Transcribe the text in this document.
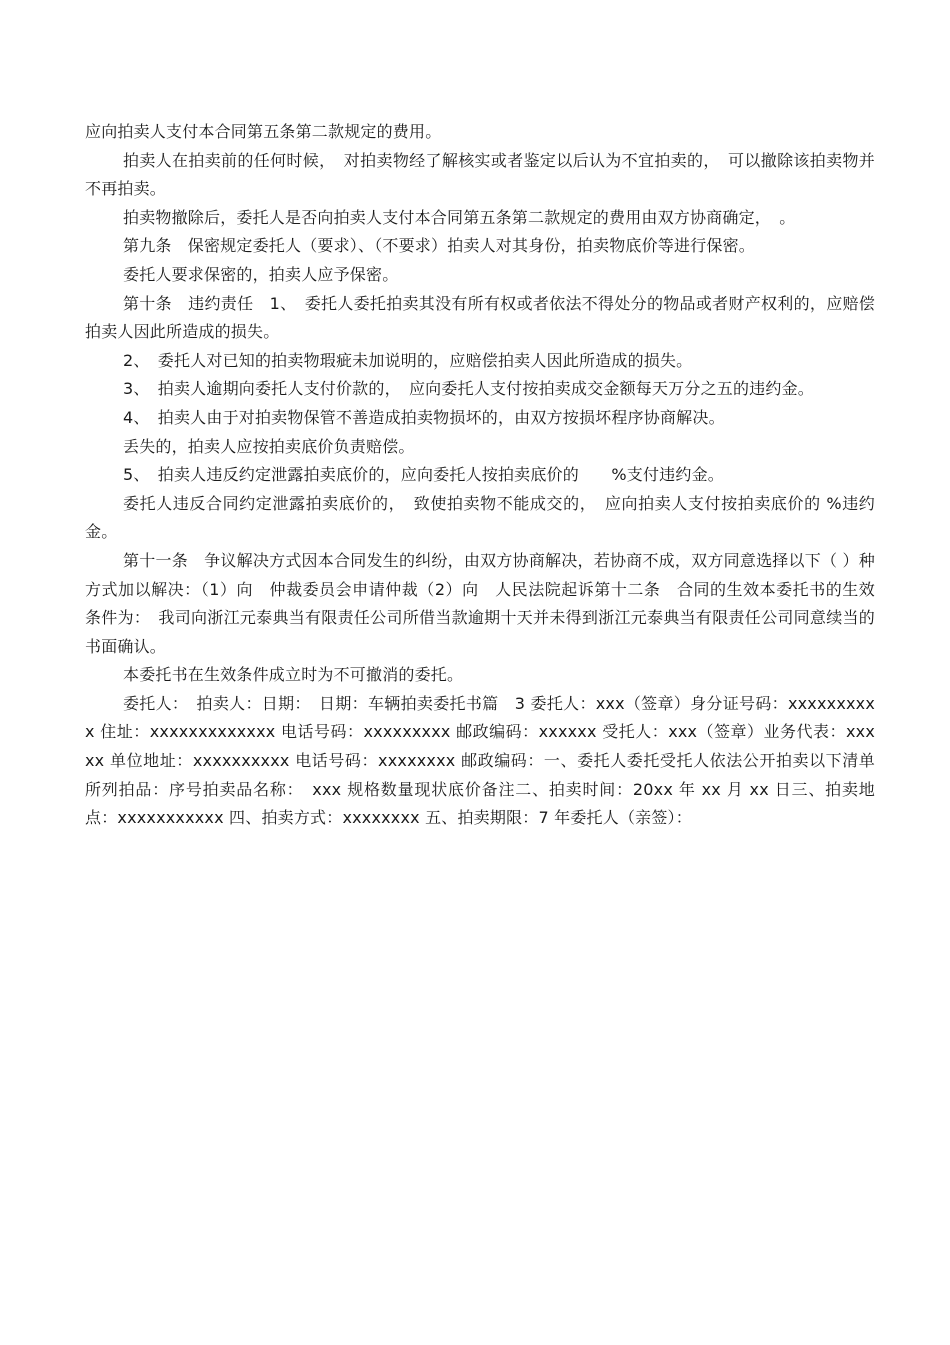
应向拍卖人支付本合同第五条第二款规定的费用。

拍卖人在拍卖前的任何时候，　对拍卖物经了解核实或者鉴定以后认为不宜拍卖的，　可以撤除该拍卖物并不再拍卖。

拍卖物撤除后，委托人是否向拍卖人支付本合同第五条第二款规定的费用由双方协商确定，　。

第九条　保密规定委托人（要求）、（不要求）拍卖人对其身份，拍卖物底价等进行保密。

委托人要求保密的，拍卖人应予保密。

第十条　违约责任　1、　委托人委托拍卖其没有所有权或者依法不得处分的物品或者财产权利的，应赔偿拍卖人因此所造成的损失。

2、　委托人对已知的拍卖物瑕疵未加说明的，应赔偿拍卖人因此所造成的损失。

3、　拍卖人逾期向委托人支付价款的，　应向委托人支付按拍卖成交金额每天万分之五的违约金。

4、　拍卖人由于对拍卖物保管不善造成拍卖物损坏的，由双方按损坏程序协商解决。

丢失的，拍卖人应按拍卖底价负责赔偿。

5、　拍卖人违反约定泄露拍卖底价的，应向委托人按拍卖底价的　　%支付违约金。

委托人违反合同约定泄露拍卖底价的，　致使拍卖物不能成交的，　应向拍卖人支付按拍卖底价的 %违约金。

第十一条　争议解决方式因本合同发生的纠纷，由双方协商解决，若协商不成，双方同意选择以下（ ）种方式加以解决：（1）向　仲裁委员会申请仲裁（2）向　人民法院起诉第十二条　合同的生效本委托书的生效条件为：　我司向浙江元泰典当有限责任公司所借当款逾期十天并未得到浙江元泰典当有限责任公司同意续当的书面确认。

本委托书在生效条件成立时为不可撤消的委托。

委托人：　拍卖人：日期：　日期：车辆拍卖委托书篇　3 委托人：xxx（签章）身分证号码：xxxxxxxxxx 住址：xxxxxxxxxxxxx 电话号码：xxxxxxxxx 邮政编码：xxxxxx 受托人：xxx（签章）业务代表：xxxxx 单位地址：xxxxxxxxxx 电话号码：xxxxxxxx 邮政编码：一、委托人委托受托人依法公开拍卖以下清单所列拍品：序号拍卖品名称：　xxx 规格数量现状底价备注二、拍卖时间：20xx 年 xx 月 xx 日三、拍卖地点：xxxxxxxxxxx 四、拍卖方式：xxxxxxxx 五、拍卖期限：7 年委托人（亲签）：
